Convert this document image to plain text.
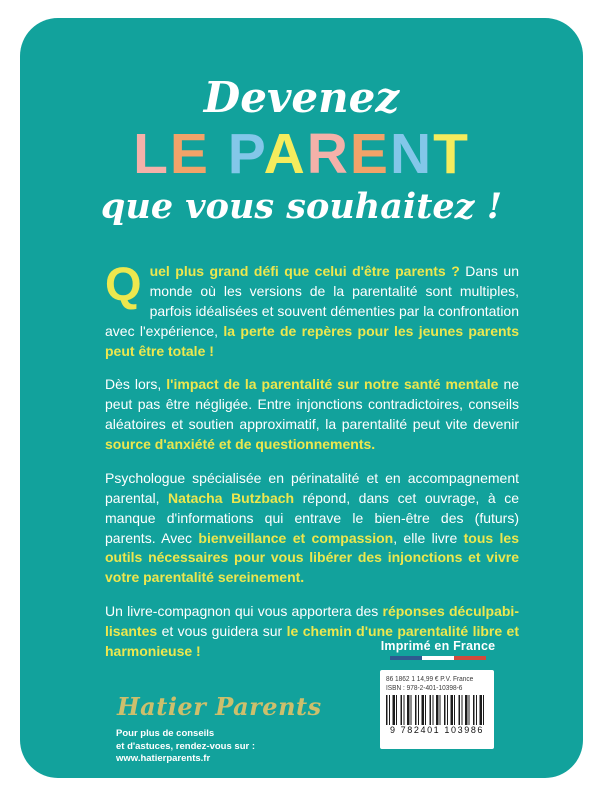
Devenez
LE PARENT
que vous souhaitez !

Quel plus grand défi que celui d'être parents ? Dans un monde où les versions de la parentalité sont multiples, parfois idéalisées et souvent démenties par la confrontation avec l'expérience, la perte de repères pour les jeunes parents peut être totale !

Dès lors, l'impact de la parentalité sur notre santé mentale ne peut pas être négligée. Entre injonctions contradictoires, conseils aléatoires et soutien approximatif, la parentalité peut vite devenir source d'anxiété et de questionnements.

Psychologue spécialisée en périnatalité et en accompagnement parental, Natacha Butzbach répond, dans cet ouvrage, à ce manque d'informations qui entrave le bien-être des (futurs) parents. Avec bienveillance et compassion, elle livre tous les outils nécessaires pour vous libérer des injonctions et vivre votre parentalité sereinement.

Un livre-compagnon qui vous apportera des réponses déculpabilisantes et vous guidera sur le chemin d'une parentalité libre et harmonieuse !	Imprimé en France
86 1862 1 14,99 € P.V. France
ISBN : 978-2-401-10398-6
9 782401 103986
Hatier Parents
Pour plus de conseils
et d'astuces, rendez-vous sur :
www.hatierparents.fr
